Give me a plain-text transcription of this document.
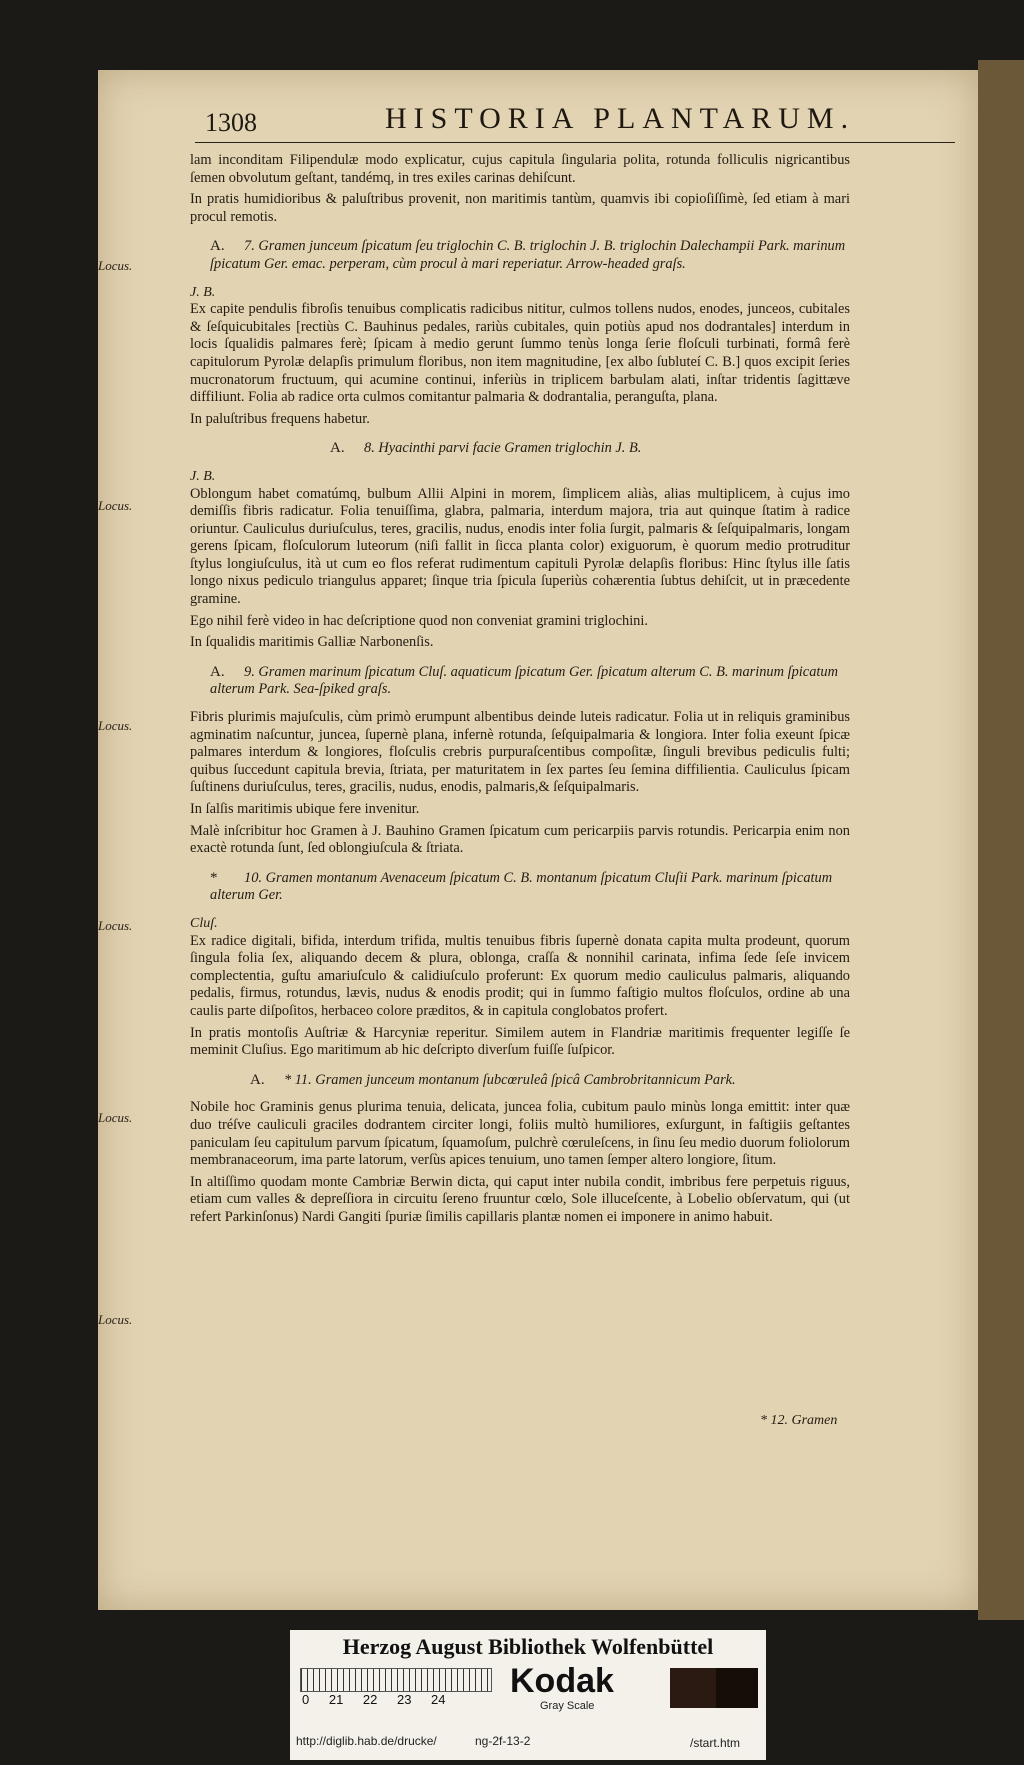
1308	HISTORIA PLANTARUM.
Locus.
Locus.
Locus.
Locus.
Locus.
Locus.

lam inconditam Filipendulæ modo explicatur, cujus capitula ſingularia polita, rotunda folliculis nigricantibus ſemen obvolutum geſtant, tandémq, in tres exiles carinas dehiſcunt.

In pratis humidioribus & paluſtribus provenit, non maritimis tantùm, quamvis ibi copioſiſſimè, ſed etiam à mari procul remotis.

A. 7. Gramen junceum ſpicatum ſeu triglochin C. B. triglochin J. B. triglochin Dalechampii Park. marinum ſpicatum Ger. emac. perperam, cùm procul à mari reperiatur. Arrow-headed graſs.
J. B.

Ex capite pendulis fibroſis tenuibus complicatis radicibus nititur, culmos tollens nudos, enodes, junceos, cubitales & ſeſquicubitales [rectiùs C. Bauhinus pedales, rariùs cubitales, quin potiùs apud nos dodrantales] interdum in locis ſqualidis palmares ferè; ſpicam à medio gerunt ſummo tenùs longa ſerie floſculi turbinati, formâ ferè capitulorum Pyrolæ delapſis primulum floribus, non item magnitudine, [ex albo ſubluteí C. B.] quos excipit ſeries mucronatorum fructuum, qui acumine continui, inferiùs in triplicem barbulam alati, inſtar tridentis ſagittæve diffiliunt. Folia ab radice orta culmos comitantur palmaria & dodrantalia, peranguſta, plana.

In paluſtribus frequens habetur.

A. 8. Hyacinthi parvi facie Gramen triglochin J. B.
J. B.

Oblongum habet comatúmq, bulbum Allii Alpini in morem, ſimplicem aliàs, alias multiplicem, à cujus imo demiſſis fibris radicatur. Folia tenuiſſima, glabra, palmaria, interdum majora, tria aut quinque ſtatim à radice oriuntur. Cauliculus duriuſculus, teres, gracilis, nudus, enodis inter folia ſurgit, palmaris & ſeſquipalmaris, longam gerens ſpicam, floſculorum luteorum (niſi fallit in ſicca planta color) exiguorum, è quorum medio protruditur ſtylus longiuſculus, ità ut cum eo flos referat rudimentum capituli Pyrolæ delapſis floribus: Hinc ſtylus ille ſatis longo nixus pediculo triangulus apparet; ſinque tria ſpicula ſuperiùs cohærentia ſubtus dehiſcit, ut in præcedente gramine.

Ego nihil ferè video in hac deſcriptione quod non conveniat gramini triglochini.

In ſqualidis maritimis Galliæ Narbonenſis.

A. 9. Gramen marinum ſpicatum Cluſ. aquaticum ſpicatum Ger. ſpicatum alterum C. B. marinum ſpicatum alterum Park. Sea-ſpiked graſs.

Fibris plurimis majuſculis, cùm primò erumpunt albentibus deinde luteis radicatur. Folia ut in reliquis graminibus agminatim naſcuntur, juncea, ſupernè plana, infernè rotunda, ſeſquipalmaria & longiora. Inter folia exeunt ſpicæ palmares interdum & longiores, floſculis crebris purpuraſcentibus compoſitæ, ſinguli brevibus pediculis fulti; quibus ſuccedunt capitula brevia, ſtriata, per maturitatem in ſex partes ſeu ſemina diffilientia. Cauliculus ſpicam ſuſtinens duriuſculus, teres, gracilis, nudus, enodis, palmaris,& ſeſquipalmaris.

In ſalſis maritimis ubique fere invenitur.

Malè inſcribitur hoc Gramen à J. Bauhino Gramen ſpicatum cum pericarpiis parvis rotundis. Pericarpia enim non exactè rotunda ſunt, ſed oblongiuſcula & ſtriata.

* 10. Gramen montanum Avenaceum ſpicatum C. B. montanum ſpicatum Cluſii Park. marinum ſpicatum alterum Ger.
Cluſ.

Ex radice digitali, bifida, interdum trifida, multis tenuibus fibris ſupernè donata capita multa prodeunt, quorum ſingula folia ſex, aliquando decem & plura, oblonga, craſſa & nonnihil carinata, infima ſede ſeſe invicem complectentia, guſtu amariuſculo & calidiuſculo proferunt: Ex quorum medio cauliculus palmaris, aliquando pedalis, firmus, rotundus, lævis, nudus & enodis prodit; qui in ſummo faſtigio multos floſculos, ordine ab una caulis parte diſpoſitos, herbaceo colore præditos, & in capitula conglobatos profert.

In pratis montoſis Auſtriæ & Harcyniæ reperitur. Similem autem in Flandriæ maritimis frequenter legiſſe ſe meminit Cluſius. Ego maritimum ab hic deſcripto diverſum fuiſſe ſuſpicor.

A. * 11. Gramen junceum montanum ſubcœruleâ ſpicâ Cambrobritannicum Park.

Nobile hoc Graminis genus plurima tenuia, delicata, juncea folia, cubitum paulo minùs longa emittit: inter quæ duo tréſve cauliculi graciles dodrantem circiter longi, foliis multò humiliores, exſurgunt, in faſtigiis geſtantes paniculam ſeu capitulum parvum ſpicatum, ſquamoſum, pulchrè cœruleſcens, in ſinu ſeu medio duorum foliolorum membranaceorum, ima parte latorum, verſùs apices tenuium, uno tamen ſemper altero longiore, ſitum.

In altiſſimo quodam monte Cambriæ Berwin dicta, qui caput inter nubila condit, imbribus fere perpetuis riguus, etiam cum valles & depreſſiora in circuitu ſereno fruuntur cœlo, Sole illuceſcente, à Lobelio obſervatum, qui (ut refert Parkinſonus) Nardi Gangiti ſpuriæ ſimilis capillaris plantæ nomen ei imponere in animo habuit.

* 12. Gramen
Herzog August Bibliothek Wolfenbüttel
0 21 22 23 24 Kodak
Gray Scale
http://diglib.hab.de/drucke/	ng-2f-13-2	/start.htm
